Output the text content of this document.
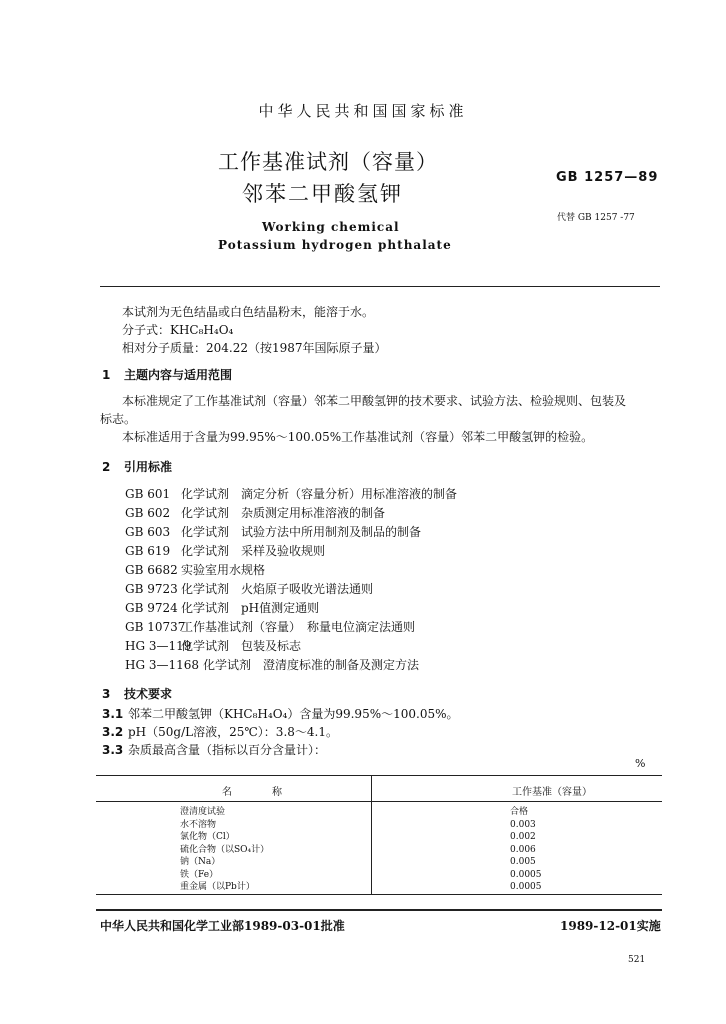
中华人民共和国国家标准
工作基准试剂（容量）
邻苯二甲酸氢钾
GB 1257—89
代替 GB 1257 -77
Working chemical
Potassium hydrogen phthalate
本试剂为无色结晶或白色结晶粉末，能溶于水。
分子式：KHC₈H₄O₄
相对分子质量：204.22（按1987年国际原子量）
1 主题内容与适用范围
本标准规定了工作基准试剂（容量）邻苯二甲酸氢钾的技术要求、试验方法、检验规则、包装及
标志。
本标准适用于含量为99.95%～100.05%工作基准试剂（容量）邻苯二甲酸氢钾的检验。
2 引用标准
GB 601 化学试剂　滴定分析（容量分析）用标准溶液的制备
GB 602 化学试剂　杂质测定用标准溶液的制备
GB 603 化学试剂　试验方法中所用制剂及制品的制备
GB 619 化学试剂　采样及验收规则
GB 6682 实验室用水规格
GB 9723 化学试剂　火焰原子吸收光谱法通则
GB 9724 化学试剂　pH值测定通则
GB 10737工作基准试剂（容量）　称量电位滴定法通则
HG 3—119化学试剂　包装及标志
HG 3—1168 化学试剂　澄清度标准的制备及测定方法
3 技术要求
3.1 邻苯二甲酸氢钾（KHC₈H₄O₄）含量为99.95%～100.05%。
3.2 pH（50g/L溶液，25℃）：3.8～4.1。
3.3 杂质最高含量（指标以百分含量计）：
%
名　　　　称	工作基准（容量）
澄清度试验
水不溶物
氯化物（Cl）
硫化合物（以SO₄计）
钠（Na）
铁（Fe）
重金属（以Pb计）
合格
0.003
0.002
0.006
0.005
0.0005
0.0005
中华人民共和国化学工业部1989-03-01批准	1989-12-01实施
521
